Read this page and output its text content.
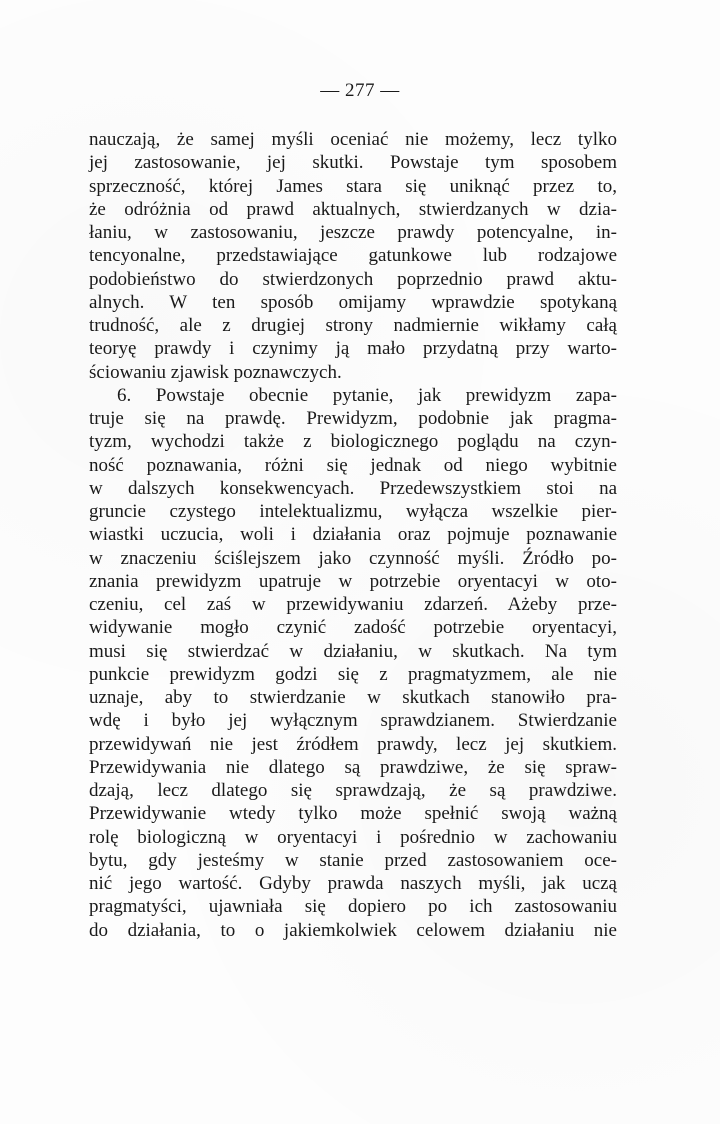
— 277 —
nauczają, że samej myśli oceniać nie możemy, lecz tylko
jej zastosowanie, jej skutki. Powstaje tym sposobem
sprzeczność, której James stara się uniknąć przez to,
że odróżnia od prawd aktualnych, stwierdzanych w dzia-
łaniu, w zastosowaniu, jeszcze prawdy potencyalne, in-
tencyonalne, przedstawiające gatunkowe lub rodzajowe
podobieństwo do stwierdzonych poprzednio prawd aktu-
alnych. W ten sposób omijamy wprawdzie spotykaną
trudność, ale z drugiej strony nadmiernie wikłamy całą
teoryę prawdy i czynimy ją mało przydatną przy warto-
ściowaniu zjawisk poznawczych.
6. Powstaje obecnie pytanie, jak prewidyzm zapa-
truje się na prawdę. Prewidyzm, podobnie jak pragma-
tyzm, wychodzi także z biologicznego poglądu na czyn-
ność poznawania, różni się jednak od niego wybitnie
w dalszych konsekwencyach. Przedewszystkiem stoi na
gruncie czystego intelektualizmu, wyłącza wszelkie pier-
wiastki uczucia, woli i działania oraz pojmuje poznawanie
w znaczeniu ściślejszem jako czynność myśli. Źródło po-
znania prewidyzm upatruje w potrzebie oryentacyi w oto-
czeniu, cel zaś w przewidywaniu zdarzeń. Ażeby prze-
widywanie mogło czynić zadość potrzebie oryentacyi,
musi się stwierdzać w działaniu, w skutkach. Na tym
punkcie prewidyzm godzi się z pragmatyzmem, ale nie
uznaje, aby to stwierdzanie w skutkach stanowiło pra-
wdę i było jej wyłącznym sprawdzianem. Stwierdzanie
przewidywań nie jest źródłem prawdy, lecz jej skutkiem.
Przewidywania nie dlatego są prawdziwe, że się spraw-
dzają, lecz dlatego się sprawdzają, że są prawdziwe.
Przewidywanie wtedy tylko może spełnić swoją ważną
rolę biologiczną w oryentacyi i pośrednio w zachowaniu
bytu, gdy jesteśmy w stanie przed zastosowaniem oce-
nić jego wartość. Gdyby prawda naszych myśli, jak uczą
pragmatyści, ujawniała się dopiero po ich zastosowaniu
do działania, to o jakiemkolwiek celowem działaniu nie
